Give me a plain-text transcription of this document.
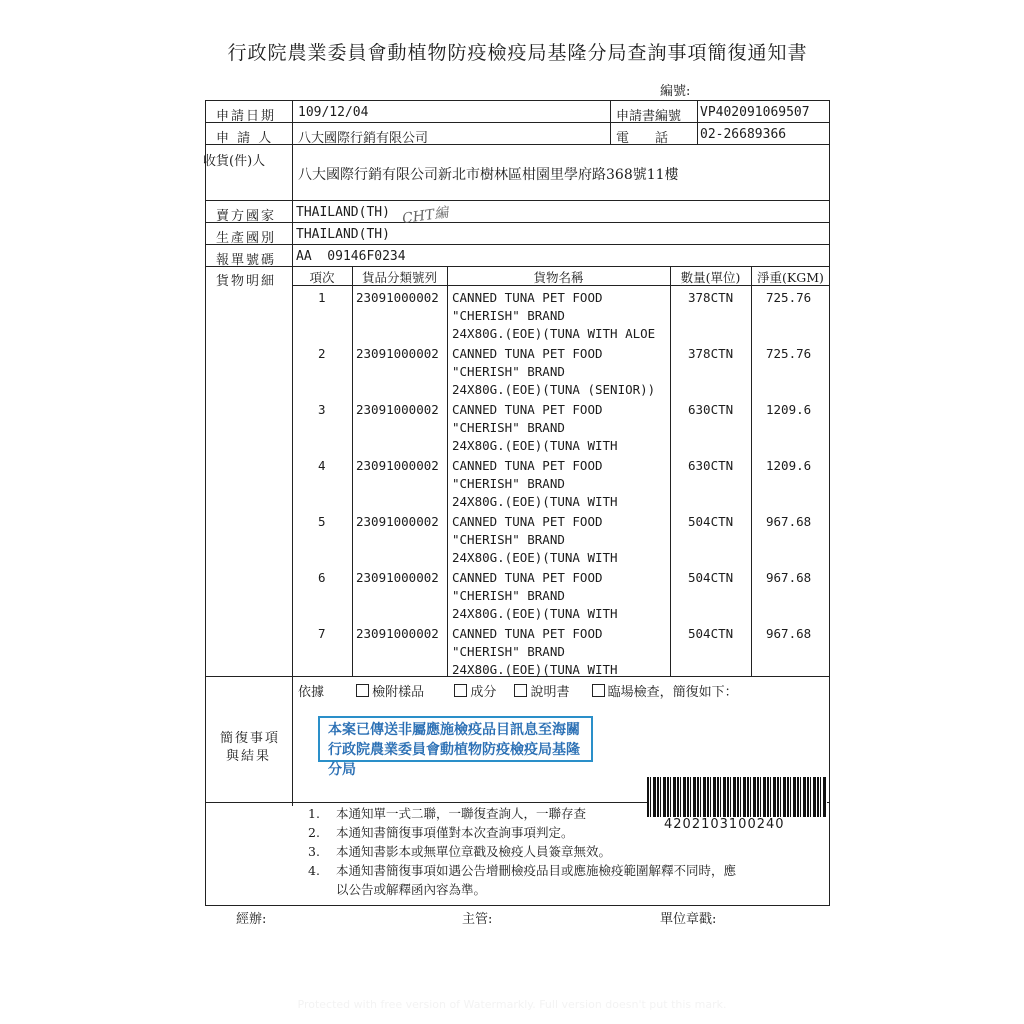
行政院農業委員會動植物防疫檢疫局基隆分局查詢事項簡復通知書
編號:
申請日期 109/12/04	申請書編號 VP402091069507
申 請 人 八大國際行銷有限公司	電　　話 02-26689366
收貨(件)人
八大國際行銷有限公司新北市樹林區柑園里學府路368號11樓
賣方國家 THAILAND(TH) CHT編
生產國別 THAILAND(TH)
報單號碼 AA  09146F0234
貨物明細	項次	貨品分類號列	貨物名稱	數量(單位)	淨重(KGM)
1 23091000002 CANNED TUNA PET FOOD
"CHERISH" BRAND
24X80G.(EOE)(TUNA WITH ALOE
378CTN	725.76
2 23091000002 CANNED TUNA PET FOOD
"CHERISH" BRAND
24X80G.(EOE)(TUNA (SENIOR))
378CTN	725.76
3 23091000002 CANNED TUNA PET FOOD
"CHERISH" BRAND
24X80G.(EOE)(TUNA WITH
630CTN	1209.6
4 23091000002 CANNED TUNA PET FOOD
"CHERISH" BRAND
24X80G.(EOE)(TUNA WITH
630CTN	1209.6
5 23091000002 CANNED TUNA PET FOOD
"CHERISH" BRAND
24X80G.(EOE)(TUNA WITH
504CTN	967.68
6 23091000002 CANNED TUNA PET FOOD
"CHERISH" BRAND
24X80G.(EOE)(TUNA WITH
504CTN	967.68
7 23091000002 CANNED TUNA PET FOOD
"CHERISH" BRAND
24X80G.(EOE)(TUNA WITH
504CTN	967.68
簡復事項
與結果
依據	檢附樣品	成分	說明書	臨場檢查，簡復如下：
本案已傳送非屬應施檢疫品目訊息至海關
行政院農業委員會動植物防疫檢疫局基隆分局
4202103100240
1. 本通知單一式二聯，一聯復查詢人，一聯存查
2. 本通知書簡復事項僅對本次查詢事項判定。
3. 本通知書影本或無單位章戳及檢疫人員簽章無效。
4. 本通知書簡復事項如遇公告增刪檢疫品目或應施檢疫範圍解釋不同時，應
以公告或解釋函內容為準。
經辦:	主管:	單位章戳:
Protected with free version of Watermarkly. Full version doesn't put this mark.
